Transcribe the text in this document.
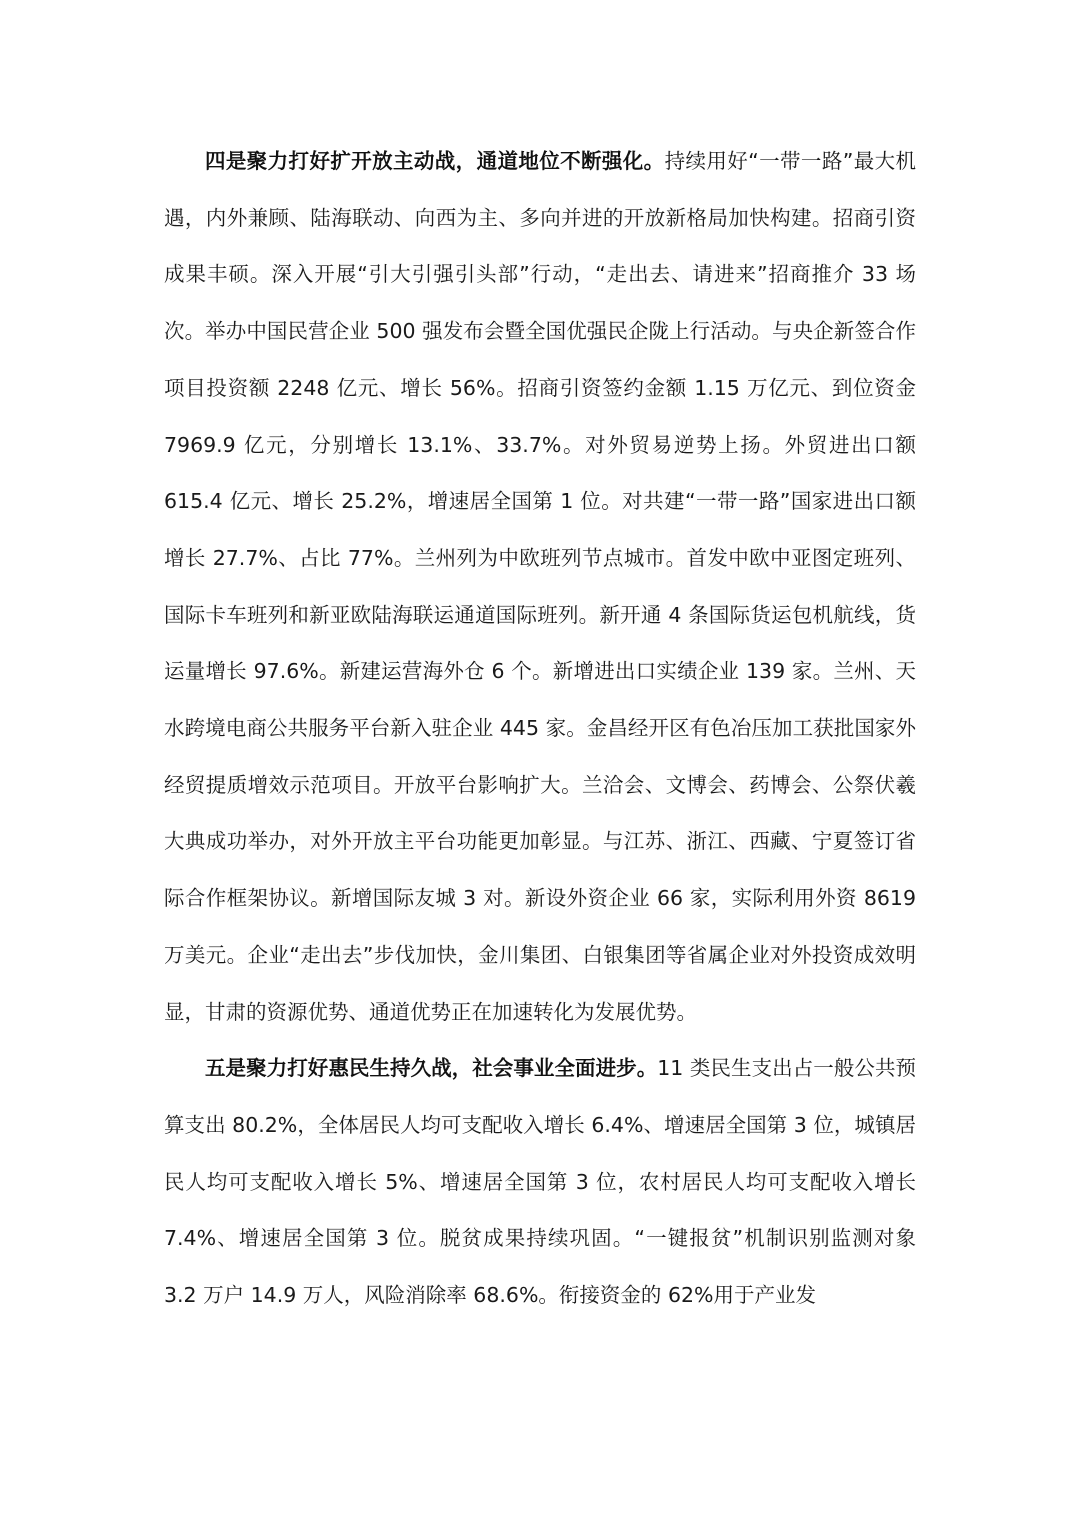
四是聚力打好扩开放主动战，通道地位不断强化。持续用好“一带一路”最大机遇，内外兼顾、陆海联动、向西为主、多向并进的开放新格局加快构建。招商引资成果丰硕。深入开展“引大引强引头部”行动，“走出去、请进来”招商推介 33 场次。举办中国民营企业 500 强发布会暨全国优强民企陇上行活动。与央企新签合作项目投资额 2248 亿元、增长 56%。招商引资签约金额 1.15 万亿元、到位资金 7969.9 亿元，分别增长 13.1%、33.7%。对外贸易逆势上扬。外贸进出口额 615.4 亿元、增长 25.2%，增速居全国第 1 位。对共建“一带一路”国家进出口额增长 27.7%、占比 77%。兰州列为中欧班列节点城市。首发中欧中亚图定班列、国际卡车班列和新亚欧陆海联运通道国际班列。新开通 4 条国际货运包机航线，货运量增长 97.6%。新建运营海外仓 6 个。新增进出口实绩企业 139 家。兰州、天水跨境电商公共服务平台新入驻企业 445 家。金昌经开区有色冶压加工获批国家外经贸提质增效示范项目。开放平台影响扩大。兰洽会、文博会、药博会、公祭伏羲大典成功举办，对外开放主平台功能更加彰显。与江苏、浙江、西藏、宁夏签订省际合作框架协议。新增国际友城 3 对。新设外资企业 66 家，实际利用外资 8619 万美元。企业“走出去”步伐加快，金川集团、白银集团等省属企业对外投资成效明显，甘肃的资源优势、通道优势正在加速转化为发展优势。

五是聚力打好惠民生持久战，社会事业全面进步。11 类民生支出占一般公共预算支出 80.2%，全体居民人均可支配收入增长 6.4%、增速居全国第 3 位，城镇居民人均可支配收入增长 5%、增速居全国第 3 位，农村居民人均可支配收入增长 7.4%、增速居全国第 3 位。脱贫成果持续巩固。“一键报贫”机制识别监测对象 3.2 万户 14.9 万人，风险消除率 68.6%。衔接资金的 62%用于产业发
